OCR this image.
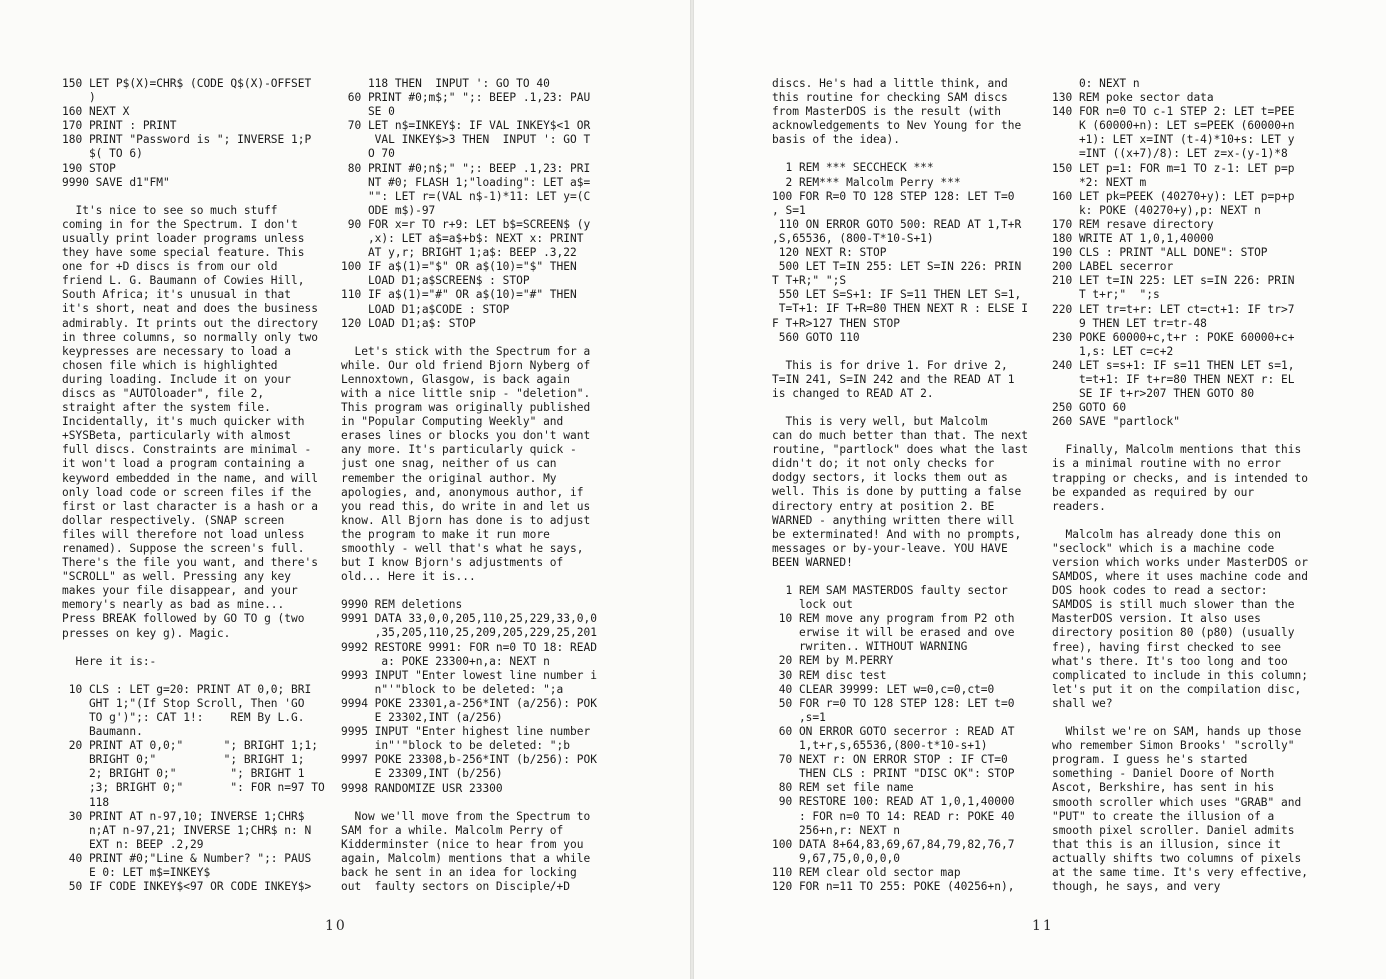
150 LET P$(X)=CHR$ (CODE Q$(X)-OFFSET

)

160 NEXT X

170 PRINT : PRINT

180 PRINT "Password is "; INVERSE 1;P

$( TO 6)

190 STOP

9990 SAVE d1"FM"

It's nice to see so much stuff

coming in for the Spectrum. I don't

usually print loader programs unless

they have some special feature. This

one for +D discs is from our old

friend L. G. Baumann of Cowies Hill,

South Africa; it's unusual in that

it's short, neat and does the business

admirably. It prints out the directory

in three columns, so normally only two

keypresses are necessary to load a

chosen file which is highlighted

during loading. Include it on your

discs as "AUTOloader", file 2,

straight after the system file.

Incidentally, it's much quicker with

+SYSBeta, particularly with almost

full discs. Constraints are minimal -

it won't load a program containing a

keyword embedded in the name, and will

only load code or screen files if the

first or last character is a hash or a

dollar respectively. (SNAP screen

files will therefore not load unless

renamed). Suppose the screen's full.

There's the file you want, and there's

"SCROLL" as well. Pressing any key

makes your file disappear, and your

memory's nearly as bad as mine...

Press BREAK followed by GO TO g (two

presses on key g). Magic.

Here it is:-

10 CLS : LET g=20: PRINT AT 0,0; BRI

GHT 1;"(If Stop Scroll, Then 'GO

TO g')";: CAT 1!:    REM By L.G.

Baumann.

20 PRINT AT 0,0;"      "; BRIGHT 1;1;

BRIGHT 0;"          "; BRIGHT 1;

2; BRIGHT 0;"        "; BRIGHT 1

;3; BRIGHT 0;"       ": FOR n=97 TO

118

30 PRINT AT n-97,10; INVERSE 1;CHR$

n;AT n-97,21; INVERSE 1;CHR$ n: N

EXT n: BEEP .2,29

40 PRINT #0;"Line & Number? ";: PAUS

E 0: LET m$=INKEY$

50 IF CODE INKEY$<97 OR CODE INKEY$>

118 THEN  INPUT ': GO TO 40

60 PRINT #0;m$;" ";: BEEP .1,23: PAU

SE 0

70 LET n$=INKEY$: IF VAL INKEY$<1 OR

VAL INKEY$>3 THEN  INPUT ': GO T

O 70

80 PRINT #0;n$;" ";: BEEP .1,23: PRI

NT #0; FLASH 1;"loading": LET a$=

"": LET r=(VAL n$-1)*11: LET y=(C

ODE m$)-97

90 FOR x=r TO r+9: LET b$=SCREEN$ (y

,x): LET a$=a$+b$: NEXT x: PRINT

AT y,r; BRIGHT 1;a$: BEEP .3,22

100 IF a$(1)="$" OR a$(10)="$" THEN

LOAD D1;a$SCREEN$ : STOP

110 IF a$(1)="#" OR a$(10)="#" THEN

LOAD D1;a$CODE : STOP

120 LOAD D1;a$: STOP

Let's stick with the Spectrum for a

while. Our old friend Bjorn Nyberg of

Lennoxtown, Glasgow, is back again

with a nice little snip - "deletion".

This program was originally published

in "Popular Computing Weekly" and

erases lines or blocks you don't want

any more. It's particularly quick -

just one snag, neither of us can

remember the original author. My

apologies, and, anonymous author, if

you read this, do write in and let us

know. All Bjorn has done is to adjust

the program to make it run more

smoothly - well that's what he says,

but I know Bjorn's adjustments of

old... Here it is...

9990 REM deletions

9991 DATA 33,0,0,205,110,25,229,33,0,0

,35,205,110,25,209,205,229,25,201

9992 RESTORE 9991: FOR n=0 TO 18: READ

a: POKE 23300+n,a: NEXT n

9993 INPUT "Enter lowest line number i

n"'"block to be deleted: ";a

9994 POKE 23301,a-256*INT (a/256): POK

E 23302,INT (a/256)

9995 INPUT "Enter highest line number

in"'"block to be deleted: ";b

9997 POKE 23308,b-256*INT (b/256): POK

E 23309,INT (b/256)

9998 RANDOMIZE USR 23300

Now we'll move from the Spectrum to

SAM for a while. Malcolm Perry of

Kidderminster (nice to hear from you

again, Malcolm) mentions that a while

back he sent in an idea for locking

out  faulty sectors on Disciple/+D

discs. He's had a little think, and

this routine for checking SAM discs

from MasterDOS is the result (with

acknowledgements to Nev Young for the

basis of the idea).

1 REM *** SECCHECK ***

2 REM*** Malcolm Perry ***

100 FOR R=0 TO 128 STEP 128: LET T=0

, S=1

110 ON ERROR GOTO 500: READ AT 1,T+R

,S,65536, (800-T*10-S+1)

120 NEXT R: STOP

500 LET T=IN 255: LET S=IN 226: PRIN

T T+R;" ";S

550 LET S=S+1: IF S=11 THEN LET S=1,

T=T+1: IF T+R=80 THEN NEXT R : ELSE I

F T+R>127 THEN STOP

560 GOTO 110

This is for drive 1. For drive 2,

T=IN 241, S=IN 242 and the READ AT 1

is changed to READ AT 2.

This is very well, but Malcolm

can do much better than that. The next

routine, "partlock" does what the last

didn't do; it not only checks for

dodgy sectors, it locks them out as

well. This is done by putting a false

directory entry at position 2. BE

WARNED - anything written there will

be exterminated! And with no prompts,

messages or by-your-leave. YOU HAVE

BEEN WARNED!

1 REM SAM MASTERDOS faulty sector

lock out

10 REM move any program from P2 oth

erwise it will be erased and ove

rwriten.. WITHOUT WARNING

20 REM by M.PERRY

30 REM disc test

40 CLEAR 39999: LET w=0,c=0,ct=0

50 FOR r=0 TO 128 STEP 128: LET t=0

,s=1

60 ON ERROR GOTO secerror : READ AT

1,t+r,s,65536,(800-t*10-s+1)

70 NEXT r: ON ERROR STOP : IF CT=0

THEN CLS : PRINT "DISC OK": STOP

80 REM set file name

90 RESTORE 100: READ AT 1,0,1,40000

: FOR n=0 TO 14: READ r: POKE 40

256+n,r: NEXT n

100 DATA 8+64,83,69,67,84,79,82,76,7

9,67,75,0,0,0,0

110 REM clear old sector map

120 FOR n=11 TO 255: POKE (40256+n),

0: NEXT n

130 REM poke sector data

140 FOR n=0 TO c-1 STEP 2: LET t=PEE

K (60000+n): LET s=PEEK (60000+n

+1): LET x=INT (t-4)*10+s: LET y

=INT ((x+7)/8): LET z=x-(y-1)*8

150 LET p=1: FOR m=1 TO z-1: LET p=p

*2: NEXT m

160 LET pk=PEEK (40270+y): LET p=p+p

k: POKE (40270+y),p: NEXT n

170 REM resave directory

180 WRITE AT 1,0,1,40000

190 CLS : PRINT "ALL DONE": STOP

200 LABEL secerror

210 LET t=IN 225: LET s=IN 226: PRIN

T t+r;"  ";s

220 LET tr=t+r: LET ct=ct+1: IF tr>7

9 THEN LET tr=tr-48

230 POKE 60000+c,t+r : POKE 60000+c+

1,s: LET c=c+2

240 LET s=s+1: IF s=11 THEN LET s=1,

t=t+1: IF t+r=80 THEN NEXT r: EL

SE IF t+r>207 THEN GOTO 80

250 GOTO 60

260 SAVE "partlock"

Finally, Malcolm mentions that this

is a minimal routine with no error

trapping or checks, and is intended to

be expanded as required by our

readers.

Malcolm has already done this on

"seclock" which is a machine code

version which works under MasterDOS or

SAMDOS, where it uses machine code and

DOS hook codes to read a sector:

SAMDOS is still much slower than the

MasterDOS version. It also uses

directory position 80 (p80) (usually

free), having first checked to see

what's there. It's too long and too

complicated to include in this column;

let's put it on the compilation disc,

shall we?

Whilst we're on SAM, hands up those

who remember Simon Brooks' "scrolly"

program. I guess he's started

something - Daniel Doore of North

Ascot, Berkshire, has sent in his

smooth scroller which uses "GRAB" and

"PUT" to create the illusion of a

smooth pixel scroller. Daniel admits

that this is an illusion, since it

actually shifts two columns of pixels

at the same time. It's very effective,

though, he says, and very

10	11
